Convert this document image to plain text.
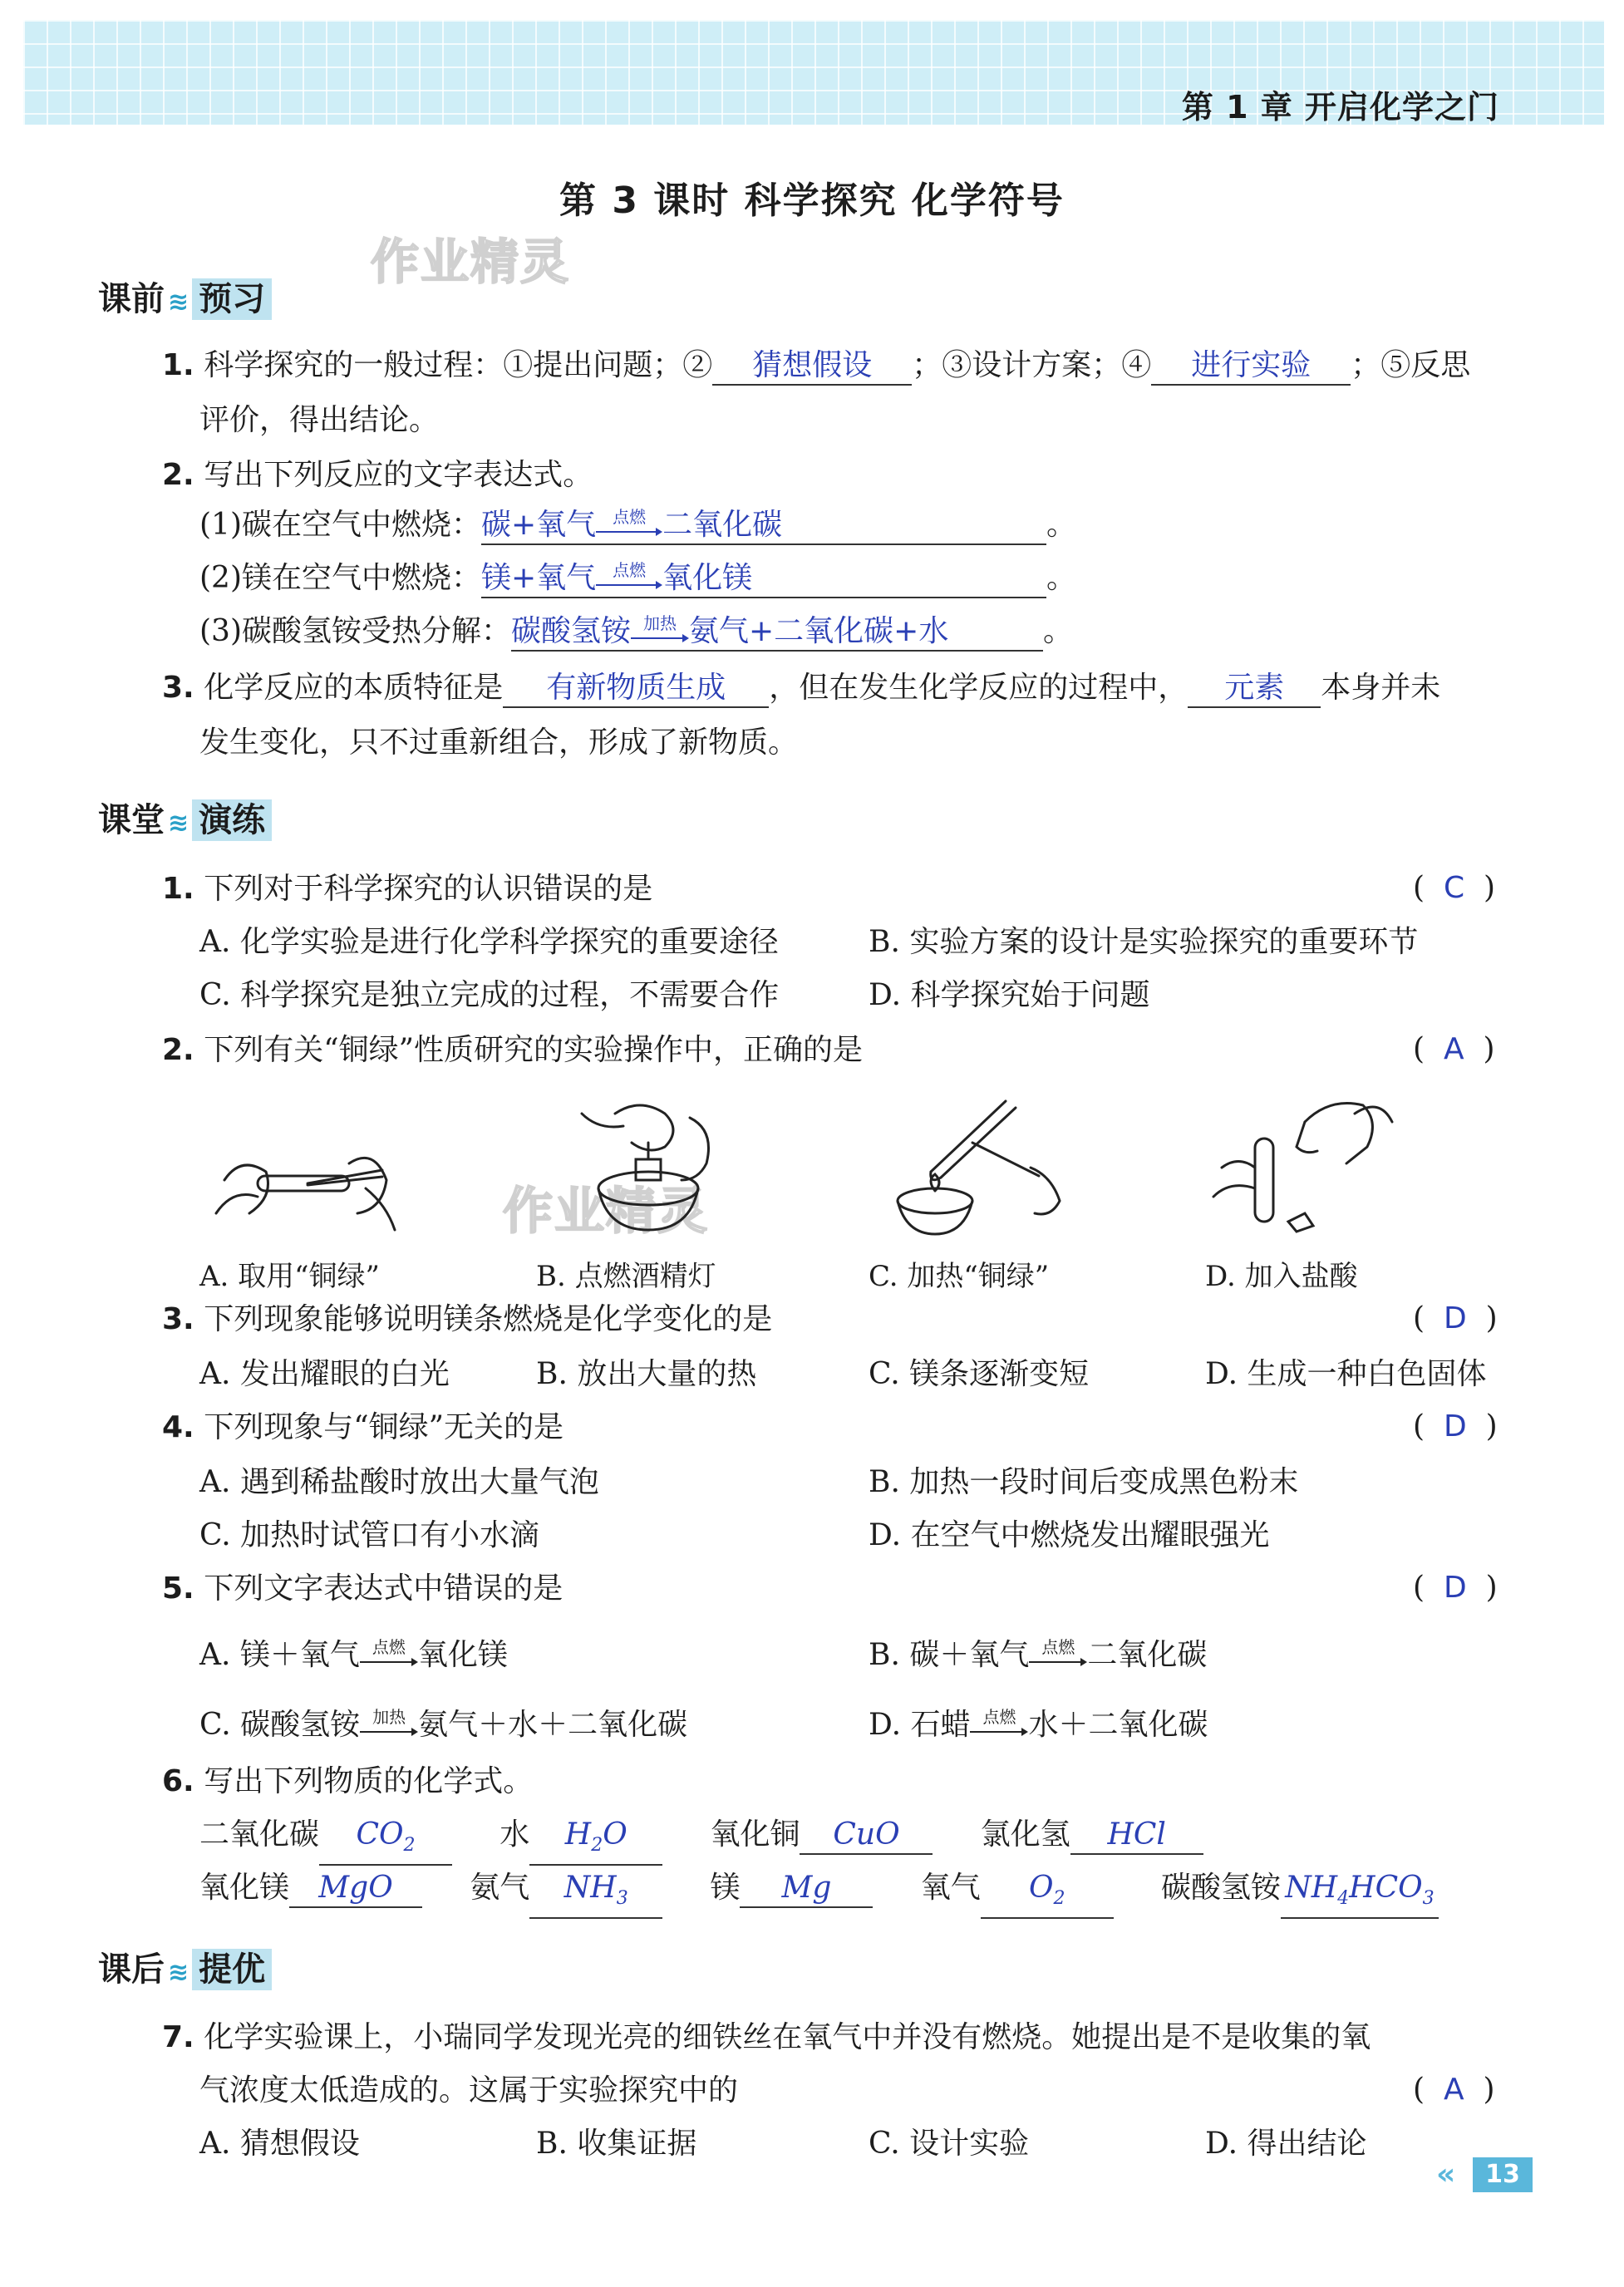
第 1 章 开启化学之门
第 3 课时 科学探究 化学符号
作业精灵
作业精灵
课前 ≋ 预习
1. 科学探究的一般过程：①提出问题；② 猜想假设 ；③设计方案；④ 进行实验 ；⑤反思
评价，得出结论。
2. 写出下列反应的文字表达式。
(1)碳在空气中燃烧：碳+氧气	点燃 二氧化碳	。
(2)镁在空气中燃烧：镁+氧气	点燃 氧化镁	。
(3)碳酸氢铵受热分解：碳酸氢铵 加热 氨气+二氧化碳+水	。
3. 化学反应的本质特征是 有新物质生成 ，但在发生化学反应的过程中， 元素 本身并未
发生变化，只不过重新组合，形成了新物质。
课堂 ≋ 演练
1. 下列对于科学探究的认识错误的是	( C )
A. 化学实验是进行化学科学探究的重要途径	B. 实验方案的设计是实验探究的重要环节
C. 科学探究是独立完成的过程，不需要合作	D. 科学探究始于问题
2. 下列有关“铜绿”性质研究的实验操作中，正确的是	( A )
A. 取用“铜绿”	B. 点燃酒精灯	C. 加热“铜绿”	D. 加入盐酸
3. 下列现象能够说明镁条燃烧是化学变化的是	( D )
A. 发出耀眼的白光	B. 放出大量的热	C. 镁条逐渐变短	D. 生成一种白色固体
4. 下列现象与“铜绿”无关的是	( D )
A. 遇到稀盐酸时放出大量气泡	B. 加热一段时间后变成黑色粉末
C. 加热时试管口有小水滴	D. 在空气中燃烧发出耀眼强光
5. 下列文字表达式中错误的是	( D )
A. 镁＋氧气 点燃 氧化镁	B. 碳＋氧气 点燃 二氧化碳
C. 碳酸氢铵 加热 氨气＋水＋二氧化碳	D. 石蜡 点燃 水＋二氧化碳
6. 写出下列物质的化学式。
二氧化碳 $CO_2$	水 $H_2O$	氧化铜 CuO	氯化氢 HCl
氧化镁 MgO	氨气 $NH_3$	镁 Mg	氧气 $O_2$	碳酸氢铵 $NH_4HCO_3$
课后 ≋ 提优
7. 化学实验课上，小瑞同学发现光亮的细铁丝在氧气中并没有燃烧。她提出是不是收集的氧
气浓度太低造成的。这属于实验探究中的	( A )
A. 猜想假设	B. 收集证据	C. 设计实验	D. 得出结论
«	13
